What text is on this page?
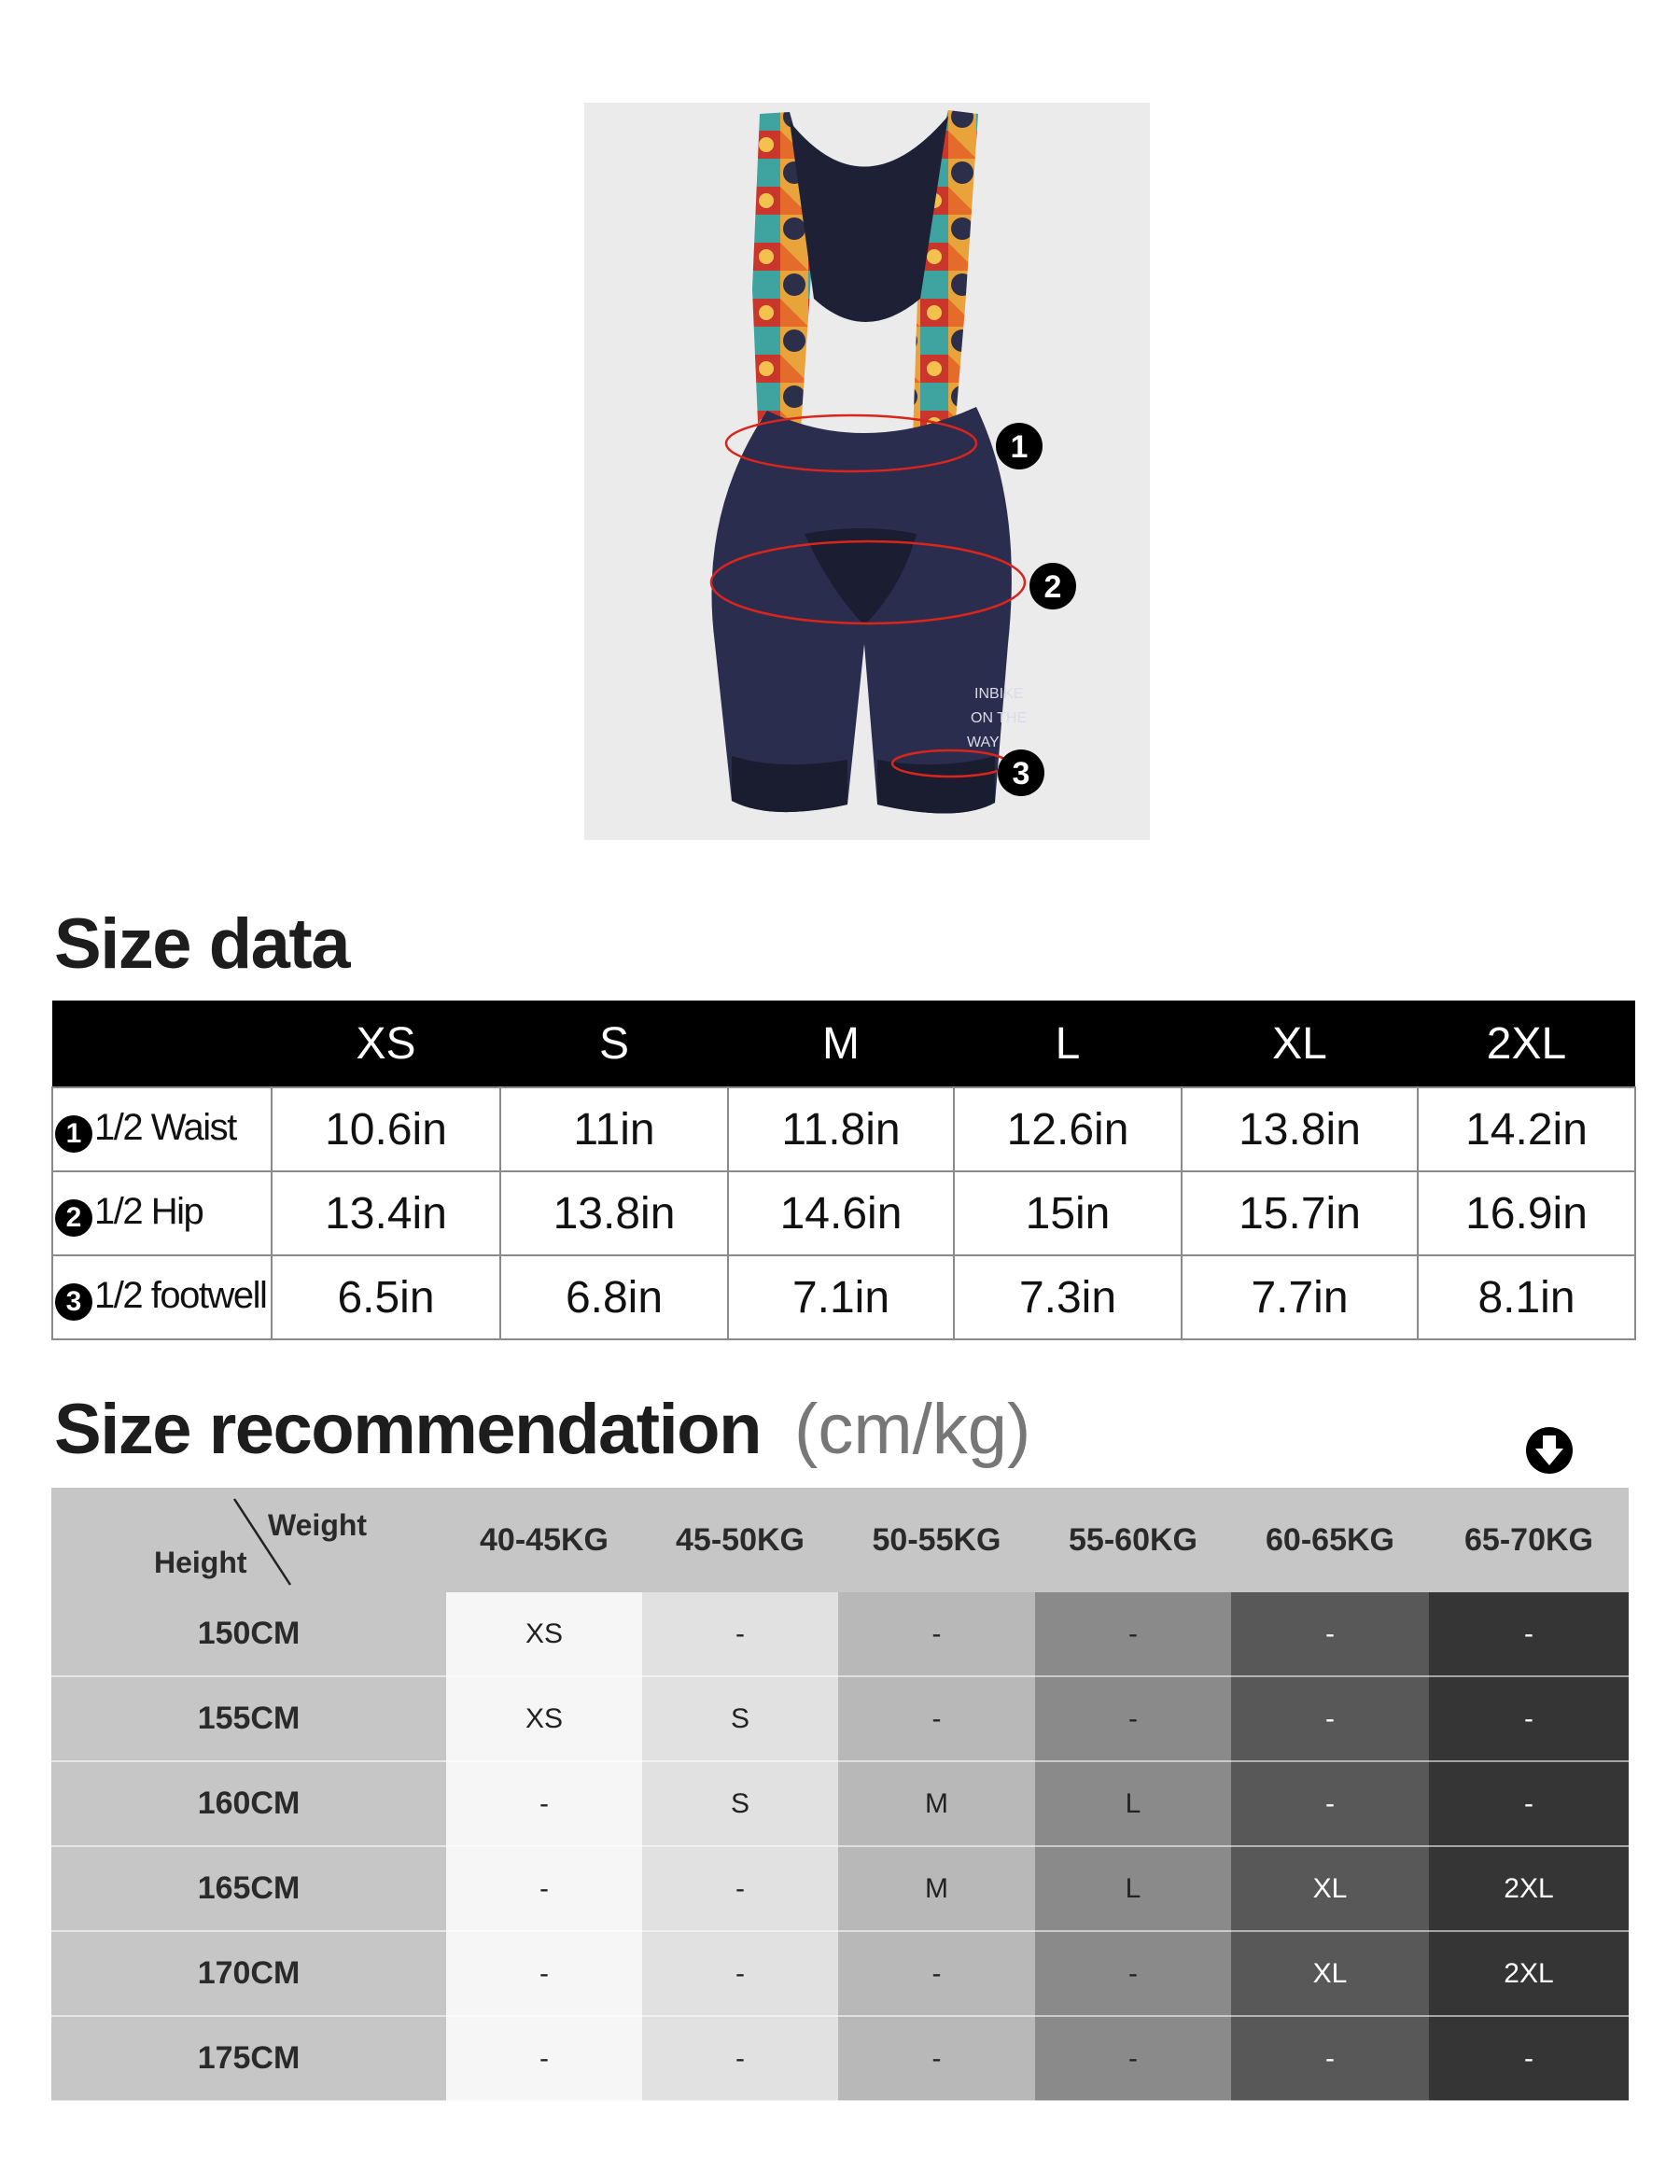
INBIKE
ON THE
WAY
1
2
3
Size data
	XS	S	M	L	XL	2XL
1 1/2 Waist	10.6in	11in	11.8in	12.6in	13.8in	14.2in
2 1/2 Hip	13.4in	13.8in	14.6in	15in	15.7in	16.9in
3 1/2 footwell	6.5in	6.8in	7.1in	7.3in	7.7in	8.1in
Size recommendation (cm/kg)
Weight
Height	40-45KG	45-50KG	50-55KG	55-60KG	60-65KG	65-70KG
150CM	XS	-	-	-	-	-
155CM	XS	S	-	-	-	-
160CM	-	S	M	L	-	-
165CM	-	-	M	L	XL	2XL
170CM	-	-	-	-	XL	2XL
175CM	-	-	-	-	-	-
